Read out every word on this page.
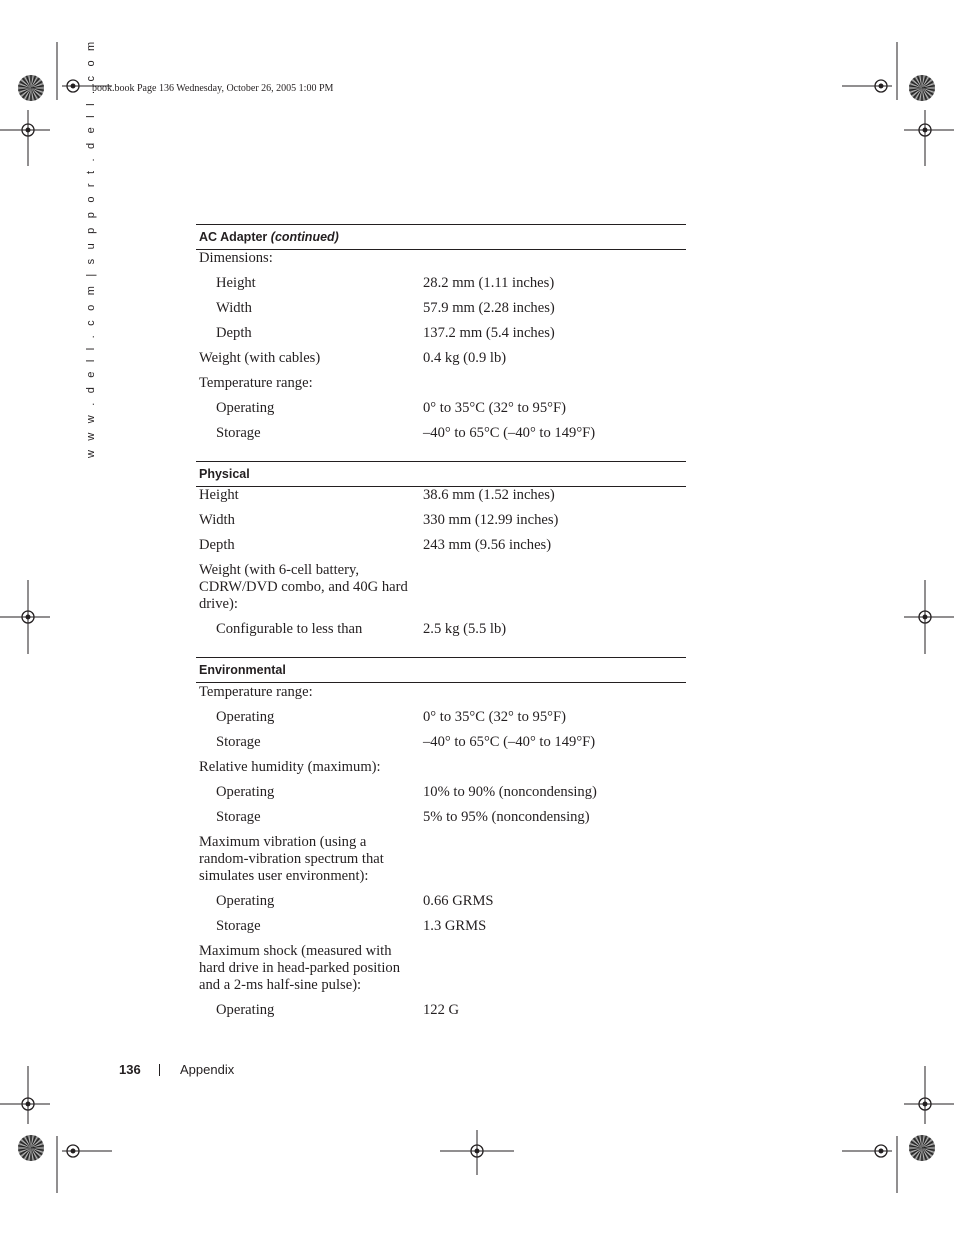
book.book Page 136 Wednesday, October 26, 2005 1:00 PM
w w w . d e l l . c o m | s u p p o r t . d e l l . c o m	AC Adapter (continued)
Physical
Environmental
Dimensions:
Height	28.2 mm (1.11 inches)
Width	57.9 mm (2.28 inches)
Depth	137.2 mm (5.4 inches)
Weight (with cables)	0.4 kg (0.9 lb)
Temperature range:
Operating	0° to 35°C (32° to 95°F)
Storage	–40° to 65°C (–40° to 149°F)
Height	38.6 mm (1.52 inches)
Width	330 mm (12.99 inches)
Depth	243 mm (9.56 inches)
Weight (with 6-cell battery, CDRW/DVD combo, and 40G hard drive):
Configurable to less than	2.5 kg (5.5 lb)
Temperature range:
Operating	0° to 35°C (32° to 95°F)
Storage	–40° to 65°C (–40° to 149°F)
Relative humidity (maximum):
Operating	10% to 90% (noncondensing)
Storage	5% to 95% (noncondensing)
Maximum vibration (using a random-vibration spectrum that simulates user environment):
Operating	0.66 GRMS
Storage	1.3 GRMS
Maximum shock (measured with hard drive in head-parked position and a 2-ms half-sine pulse):
Operating	122 G
136	Appendix
